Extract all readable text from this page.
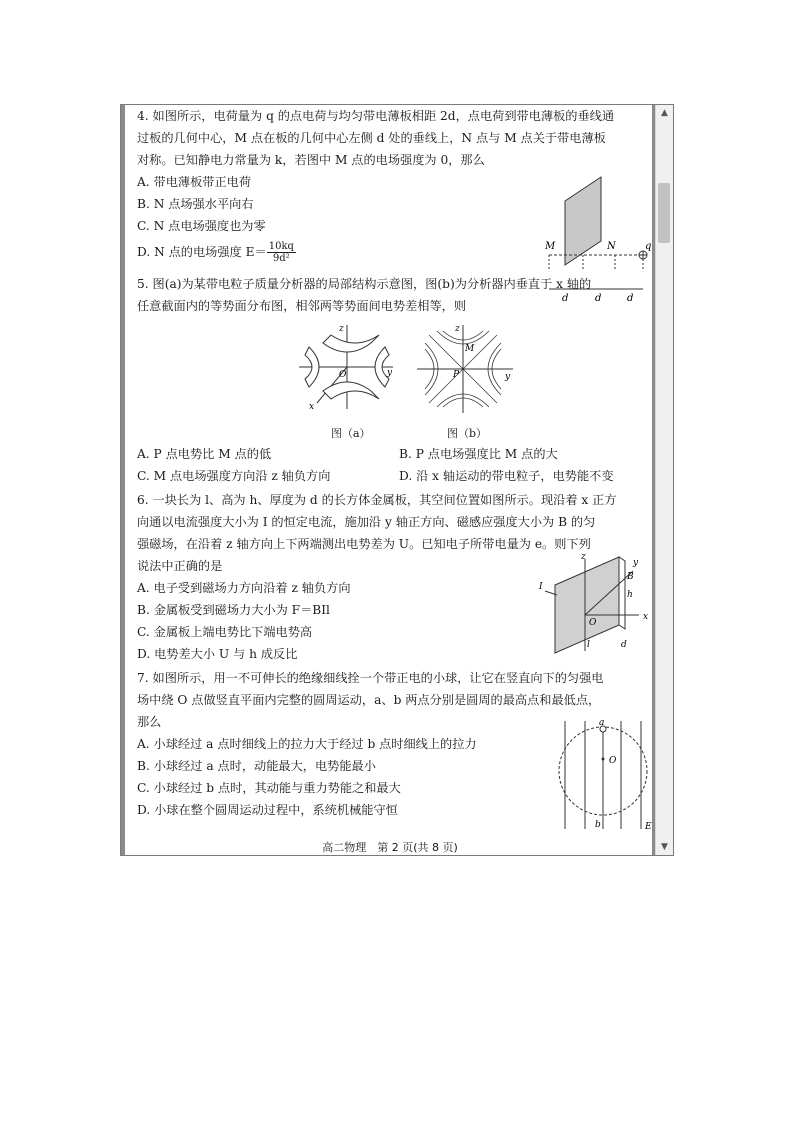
4. 如图所示，电荷量为 q 的点电荷与均匀带电薄板相距 2d，点电荷到带电薄板的垂线通

过板的几何中心，M 点在板的几何中心左侧 d 处的垂线上，N 点与 M 点关于带电薄板

对称。已知静电力常量为 k，若图中 M 点的电场强度为 0，那么

A. 带电薄板带正电荷

B. N 点场强水平向右

C. N 点电场强度也为零

D. N 点的电场强度 $E= \frac{10kq}{\text{9d²}}$	M	N	q
d	d	d

5. 图(a)为某带电粒子质量分析器的局部结构示意图，图(b)为分析器内垂直于 x 轴的

任意截面内的等势面分布图，相邻两等势面间电势差相等，则

z
y
x
O
z
y
M
P
图（a）	图（b）
A. P 点电势比 M 点的低	B. P 点电场强度比 M 点的大
C. M 点电场强度方向沿 z 轴负方向	D. 沿 x 轴运动的带电粒子，电势能不变

6. 一块长为 l、高为 h、厚度为 d 的长方体金属板，其空间位置如图所示。现沿着 x 正方

向通以电流强度大小为 I 的恒定电流，施加沿 y 轴正方向、磁感应强度大小为 B 的匀

强磁场，在沿着 z 轴方向上下两端测出电势差为 U。已知电子所带电量为 e。则下列

说法中正确的是

A. 电子受到磁场力方向沿着 z 轴负方向

B. 金属板受到磁场力大小为 F＝BIl

C. 金属板上端电势比下端电势高

D. 电势差大小 U 与 h 成反比

z
y
B
I
O
h
l	d
x

7. 如图所示，用一不可伸长的绝缘细线拴一个带正电的小球，让它在竖直向下的匀强电

场中绕 O 点做竖直平面内完整的圆周运动，a、b 两点分别是圆周的最高点和最低点，

那么

A. 小球经过 a 点时细线上的拉力大于经过 b 点时细线上的拉力

B. 小球经过 a 点时，动能最大，电势能最小

C. 小球经过 b 点时，其动能与重力势能之和最大

D. 小球在整个圆周运动过程中，系统机械能守恒

a
O
b	E
高二物理　第 2 页(共 8 页)
▲
▼
